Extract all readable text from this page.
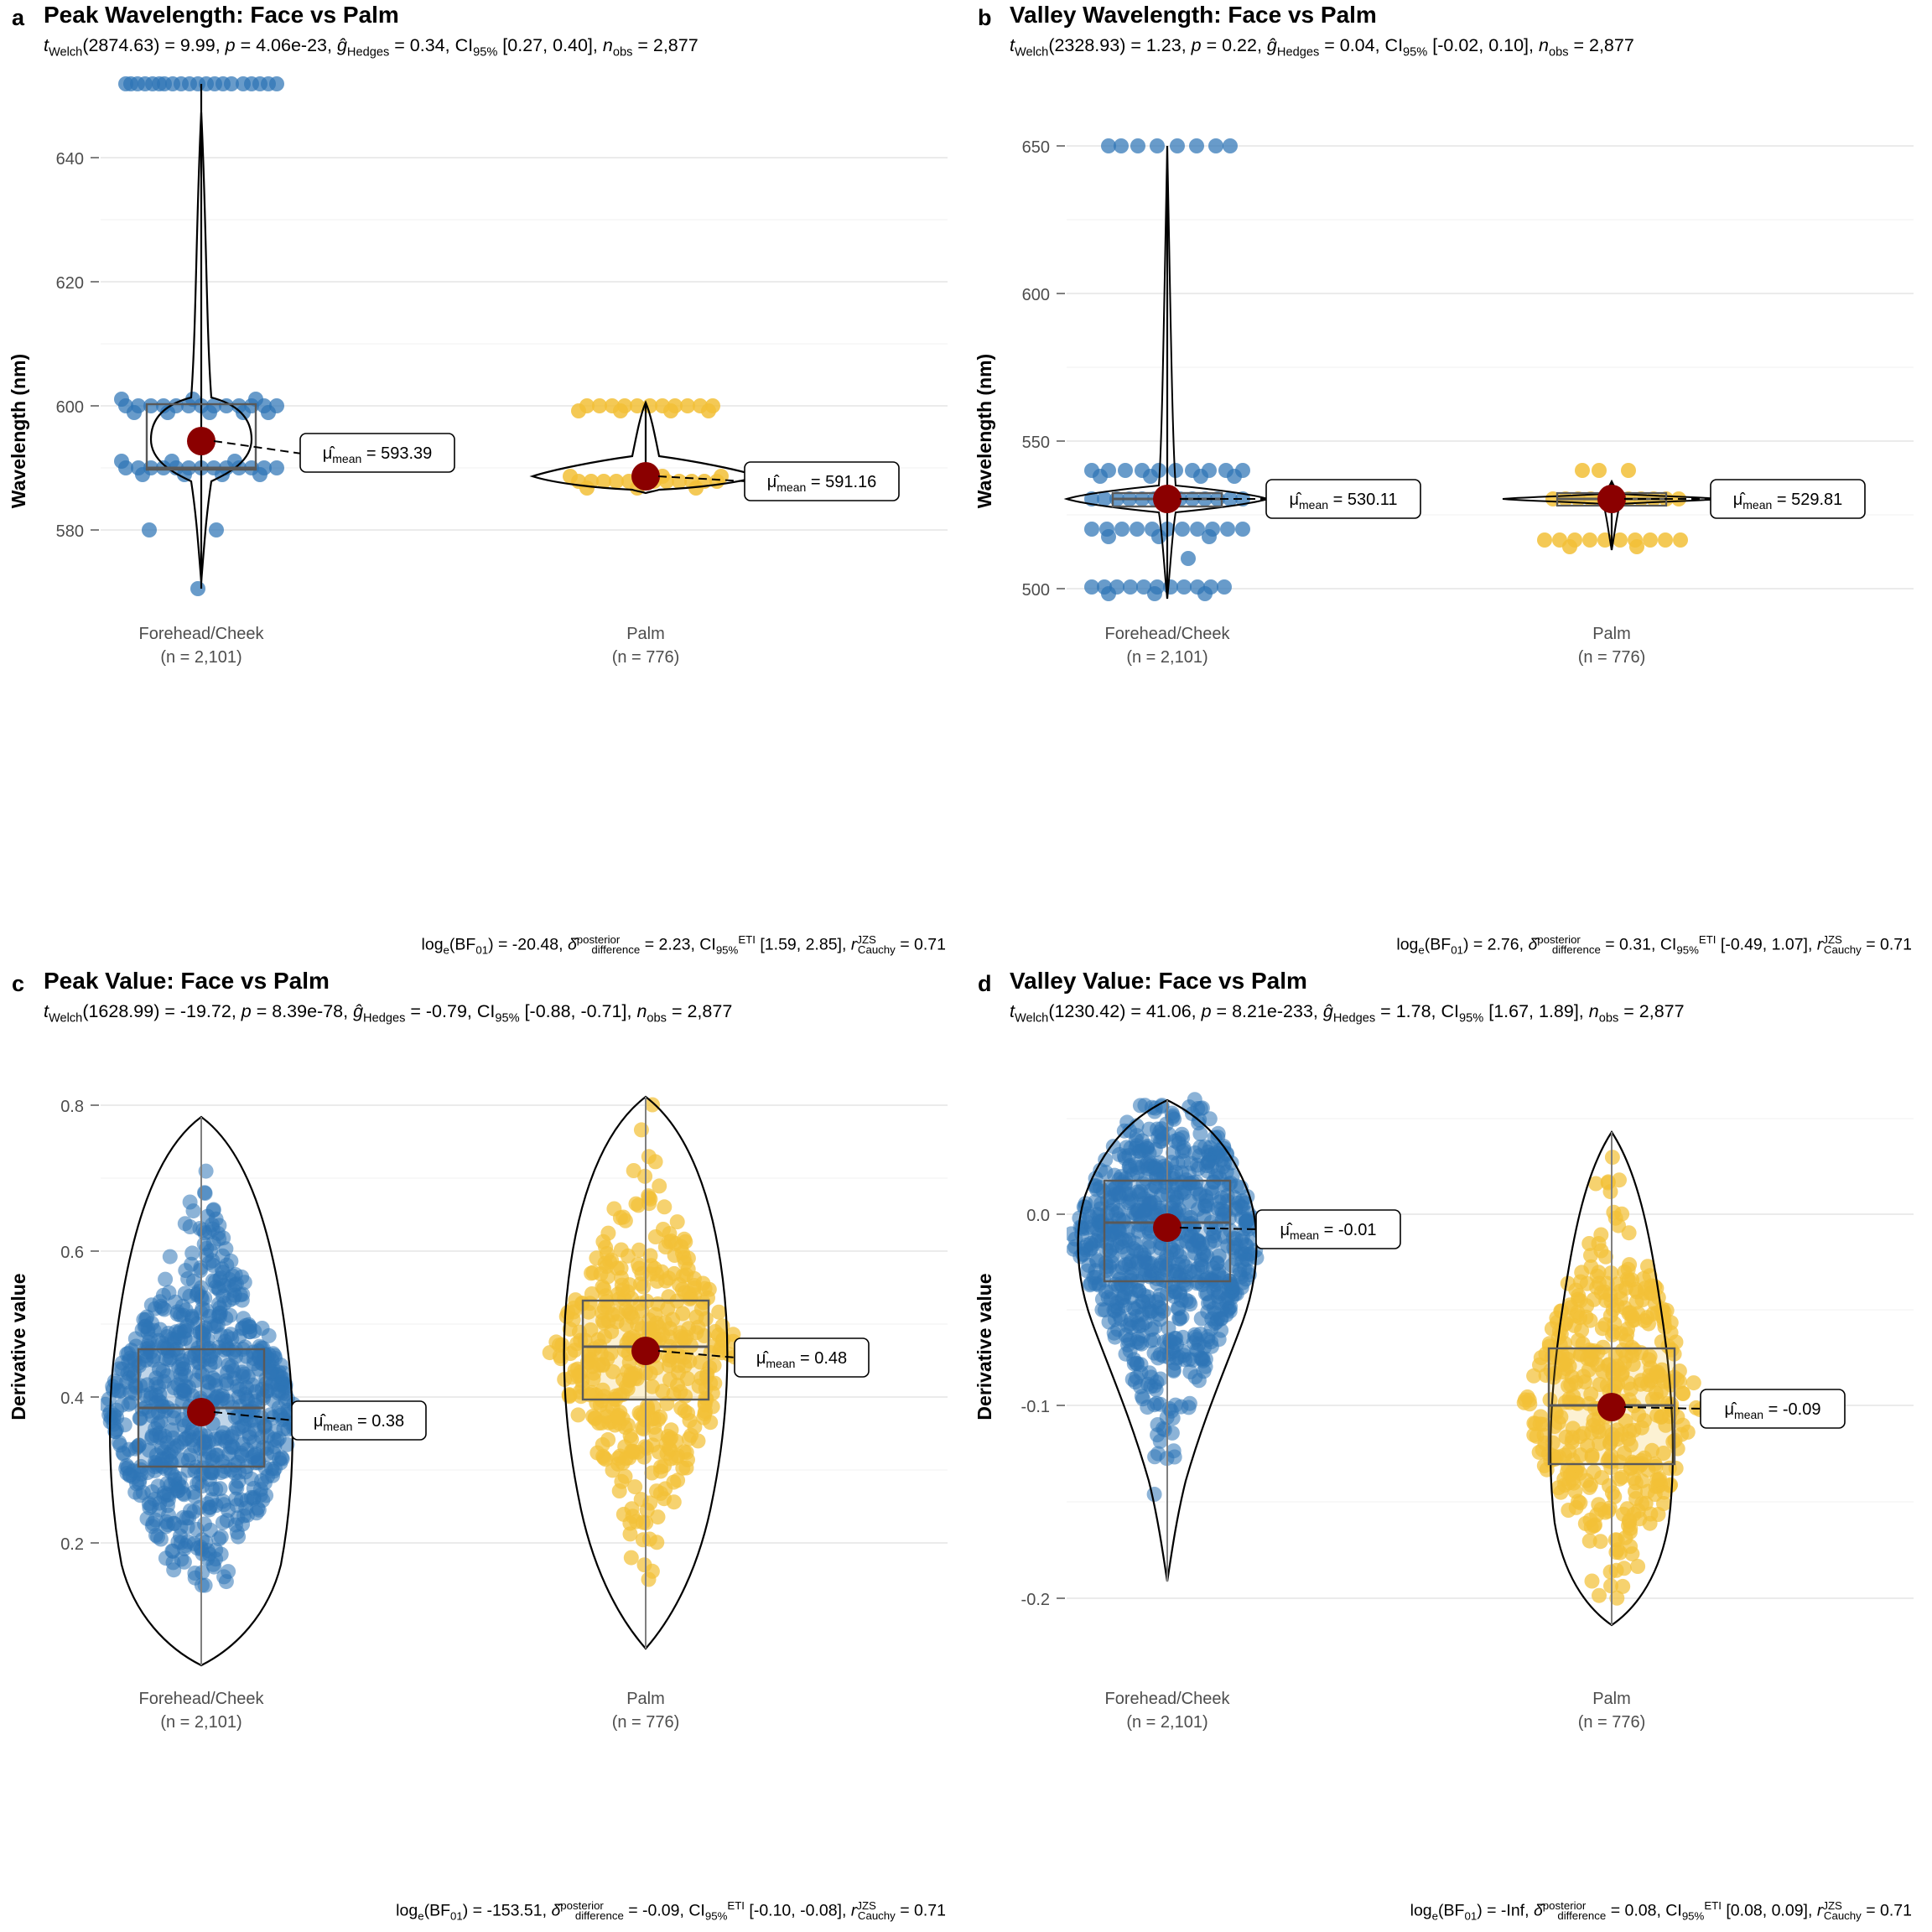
a Peak Wavelength: Face vs Palm
$t_{Welch}(2874.63) = 9.99$, p = 4.06e-23, $ĝ_{Hedges} = 0.34$, $CI_{95\%}$ [0.27, 0.40], $n_{obs} = 2,877$
Wavelength (nm)
580
600
620
640
$\mû_{mean} = 593.39$
$\mû_{mean} = 591.16$
Forehead/Cheek
(n = 2,101)
Palm
(n = 776)
$\log_e(BF_{01}) = -20.48$, δ̂$^{posterior}_{difference}$ = 2.23, $CI_{95\%}^{ETI}$ [1.59, 2.85], $r^{JZS}_{Cauchy} = 0.71$
b Valley Wavelength: Face vs Palm
$t_{Welch}(2328.93) = 1.23$, p = 0.22, $ĝ_{Hedges} = 0.04$, $CI_{95\%}$ [-0.02, 0.10], $n_{obs} = 2,877$
Wavelength (nm)
500
550
600
650
$\mû_{mean} = 530.11$	$\mû_{mean} = 529.81$
Forehead/Cheek
(n = 2,101)
Palm
(n = 776)
$\log_e(BF_{01}) = 2.76$, δ̂$^{posterior}_{difference}$ = 0.31, $CI_{95\%}^{ETI}$ [-0.49, 1.07], $r^{JZS}_{Cauchy} = 0.71$
c Peak Value: Face vs Palm
$t_{Welch}(1628.99) = -19.72$, p = 8.39e-78, $ĝ_{Hedges} = -0.79$, $CI_{95\%}$ [-0.88, -0.71], $n_{obs} = 2,877$
Derivative value
0.2
0.4
0.6
0.8
$\mû_{mean} = 0.38$
$\mû_{mean} = 0.48$
Forehead/Cheek
(n = 2,101)
Palm
(n = 776)
$\log_e(BF_{01}) = -153.51$, δ̂$^{posterior}_{difference}$ = -0.09, $CI_{95\%}^{ETI}$ [-0.10, -0.08], $r^{JZS}_{Cauchy} = 0.71$
d Valley Value: Face vs Palm
$t_{Welch}(1230.42) = 41.06$, p = 8.21e-233, $ĝ_{Hedges} = 1.78$, $CI_{95\%}$ [1.67, 1.89], $n_{obs} = 2,877$
Derivative value
-0.2
-0.1
0.0
$\mû_{mean} = -0.01$
$\mû_{mean} = -0.09$
Forehead/Cheek
(n = 2,101)
Palm
(n = 776)
$\log_e(BF_{01}) = -Inf$, δ̂$^{posterior}_{difference}$ = 0.08, $CI_{95\%}^{ETI}$ [0.08, 0.09], $r^{JZS}_{Cauchy} = 0.71$
